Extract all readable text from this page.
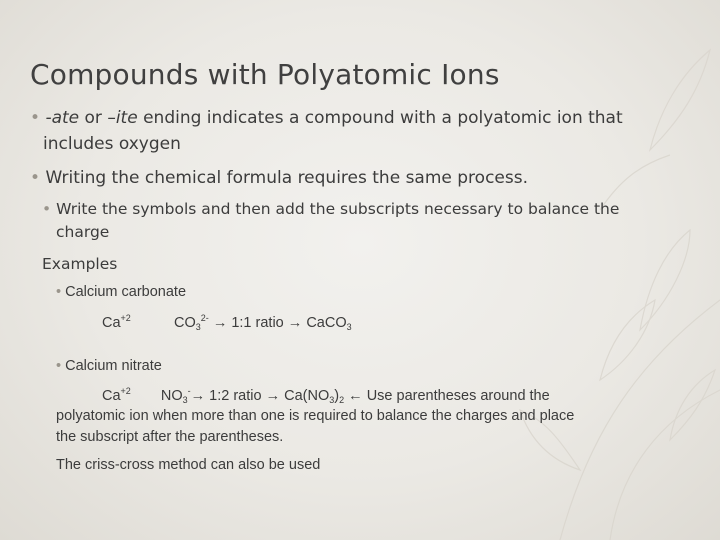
Compounds with Polyatomic Ions
• -ate or –ite ending indicates a compound with a polyatomic ion that
includes oxygen
• Writing the chemical formula requires the same process.
• Write the symbols and then add the subscripts necessary to balance the
charge
Examples
• Calcium carbonate
$Ca^{+2}$	$CO_3^{2-}$ → 1:1 ratio → CaCO$_3$
• Calcium nitrate
$Ca^{+2}$ $NO_3^-\to$ 1:2 ratio → $Ca(NO_3)_2$ ← Use parentheses around the
polyatomic ion when more than one is required to balance the charges and place
the subscript after the parentheses.
The criss-cross method can also be used
